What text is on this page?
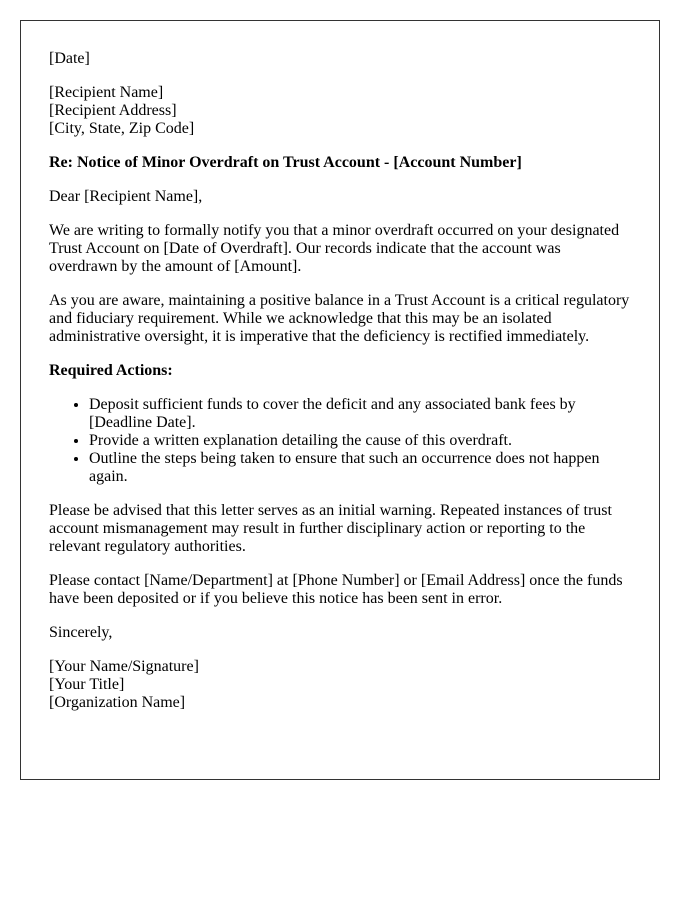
[Date]

[Recipient Name]
[Recipient Address]
[City, State, Zip Code]

Re: Notice of Minor Overdraft on Trust Account - [Account Number]

Dear [Recipient Name],

We are writing to formally notify you that a minor overdraft occurred on your designated Trust Account on [Date of Overdraft]. Our records indicate that the account was overdrawn by the amount of [Amount].

As you are aware, maintaining a positive balance in a Trust Account is a critical regulatory and fiduciary requirement. While we acknowledge that this may be an isolated administrative oversight, it is imperative that the deficiency is rectified immediately.

Required Actions:

• Deposit sufficient funds to cover the deficit and any associated bank fees by [Deadline Date].
• Provide a written explanation detailing the cause of this overdraft.
• Outline the steps being taken to ensure that such an occurrence does not happen again.

Please be advised that this letter serves as an initial warning. Repeated instances of trust account mismanagement may result in further disciplinary action or reporting to the relevant regulatory authorities.

Please contact [Name/Department] at [Phone Number] or [Email Address] once the funds have been deposited or if you believe this notice has been sent in error.

Sincerely,

[Your Name/Signature]
[Your Title]
[Organization Name]
